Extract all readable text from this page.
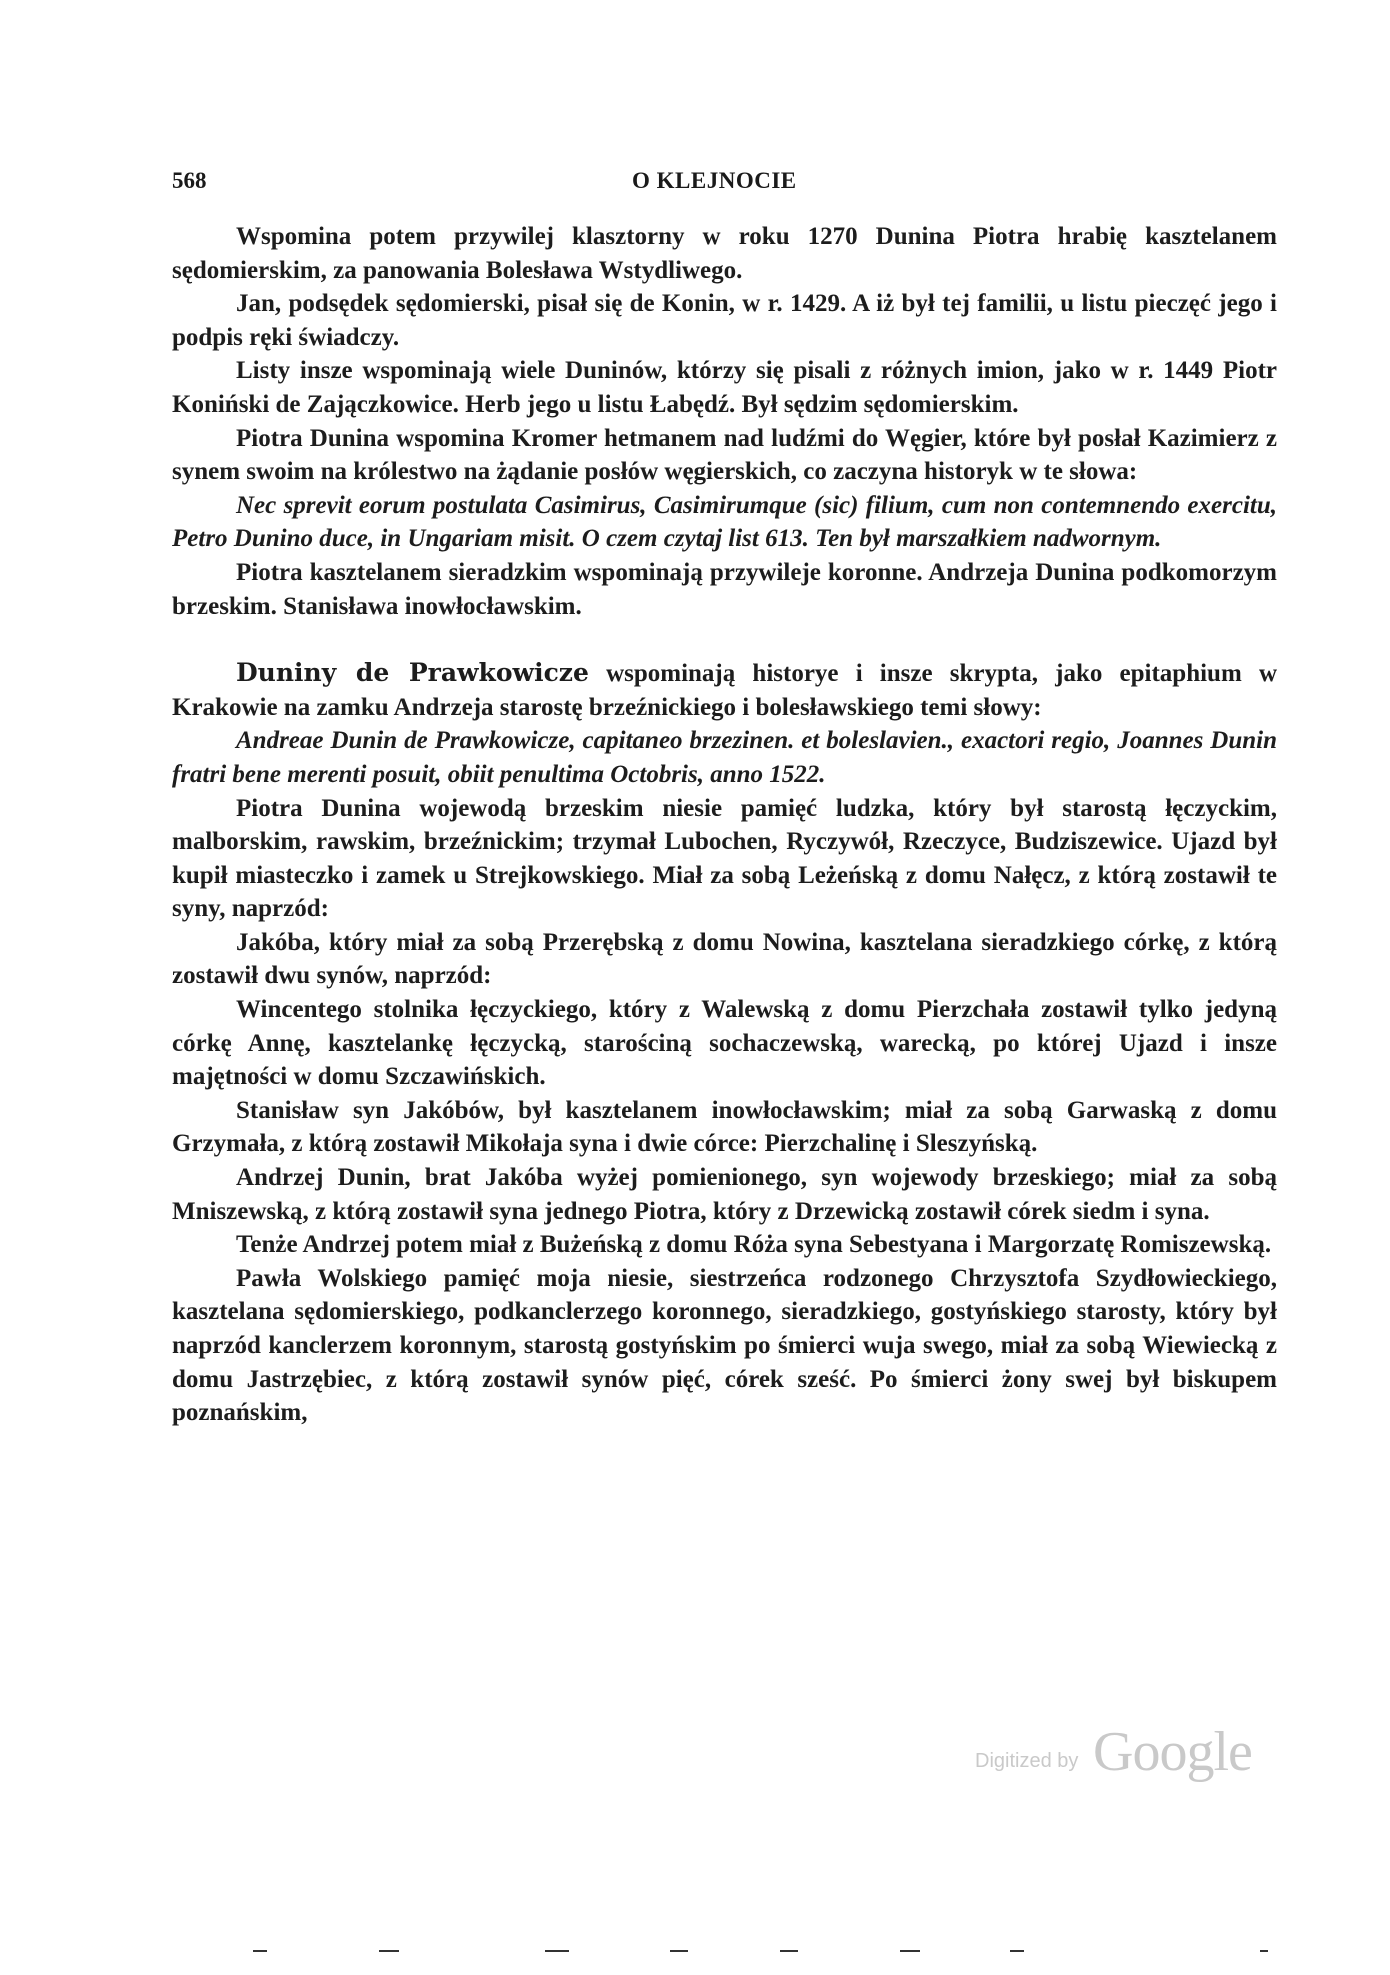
568	O KLEJNOCIE

Wspomina potem przywilej klasztorny w roku 1270 Dunina Piotra hrabię kasztelanem sędomierskim, za panowania Bolesława Wstydliwego.

Jan, podsędek sędomierski, pisał się de Konin, w r. 1429. A iż był tej familii, u listu pieczęć jego i podpis ręki świadczy.

Listy insze wspominają wiele Duninów, którzy się pisali z różnych imion, jako w r. 1449 Piotr Koniński de Zajączkowice. Herb jego u listu Łabędź. Był sędzim sędomierskim.

Piotra Dunina wspomina Kromer hetmanem nad ludźmi do Węgier, które był posłał Kazimierz z synem swoim na królestwo na żądanie posłów węgierskich, co zaczyna historyk w te słowa:

Nec sprevit eorum postulata Casimirus, Casimirumque (sic) filium, cum non contemnendo exercitu, Petro Dunino duce, in Ungariam misit. O czem czytaj list 613. Ten był marszałkiem nadwornym.

Piotra kasztelanem sieradzkim wspominają przywileje koronne. Andrzeja Dunina podkomorzym brzeskim. Stanisława inowłocławskim.

Duniny de Prawkowicze wspominają historye i insze skrypta, jako epitaphium w Krakowie na zamku Andrzeja starostę brzeźnickiego i bolesławskiego temi słowy:

Andreae Dunin de Prawkowicze, capitaneo brzezinen. et boleslavien., exactori regio, Joannes Dunin fratri bene merenti posuit, obiit penultima Octobris, anno 1522.

Piotra Dunina wojewodą brzeskim niesie pamięć ludzka, który był starostą łęczyckim, malborskim, rawskim, brzeźnickim; trzymał Lubochen, Ryczywół, Rzeczyce, Budziszewice. Ujazd był kupił miasteczko i zamek u Strejkowskiego. Miał za sobą Leżeńską z domu Nałęcz, z którą zostawił te syny, naprzód:

Jakóba, który miał za sobą Przerębską z domu Nowina, kasztelana sieradzkiego córkę, z którą zostawił dwu synów, naprzód:

Wincentego stolnika łęczyckiego, który z Walewską z domu Pierzchała zostawił tylko jedyną córkę Annę, kasztelankę łęczycką, starościną sochaczewską, warecką, po której Ujazd i insze majętności w domu Szczawińskich.

Stanisław syn Jakóbów, był kasztelanem inowłocławskim; miał za sobą Garwaską z domu Grzymała, z którą zostawił Mikołaja syna i dwie córce: Pierzchalinę i Sleszyńską.

Andrzej Dunin, brat Jakóba wyżej pomienionego, syn wojewody brzeskiego; miał za sobą Mniszewską, z którą zostawił syna jednego Piotra, który z Drzewicką zostawił córek siedm i syna.

Tenże Andrzej potem miał z Bużeńską z domu Róża syna Sebestyana i Margorzatę Romiszewską.

Pawła Wolskiego pamięć moja niesie, siestrzeńca rodzonego Chrzysztofa Szydłowieckiego, kasztelana sędomierskiego, podkanclerzego koronnego, sieradzkiego, gostyńskiego starosty, który był naprzód kanclerzem koronnym, starostą gostyńskim po śmierci wuja swego, miał za sobą Wiewiecką z domu Jastrzębiec, z którą zostawił synów pięć, córek sześć. Po śmierci żony swej był biskupem poznańskim,

Digitized by Google
